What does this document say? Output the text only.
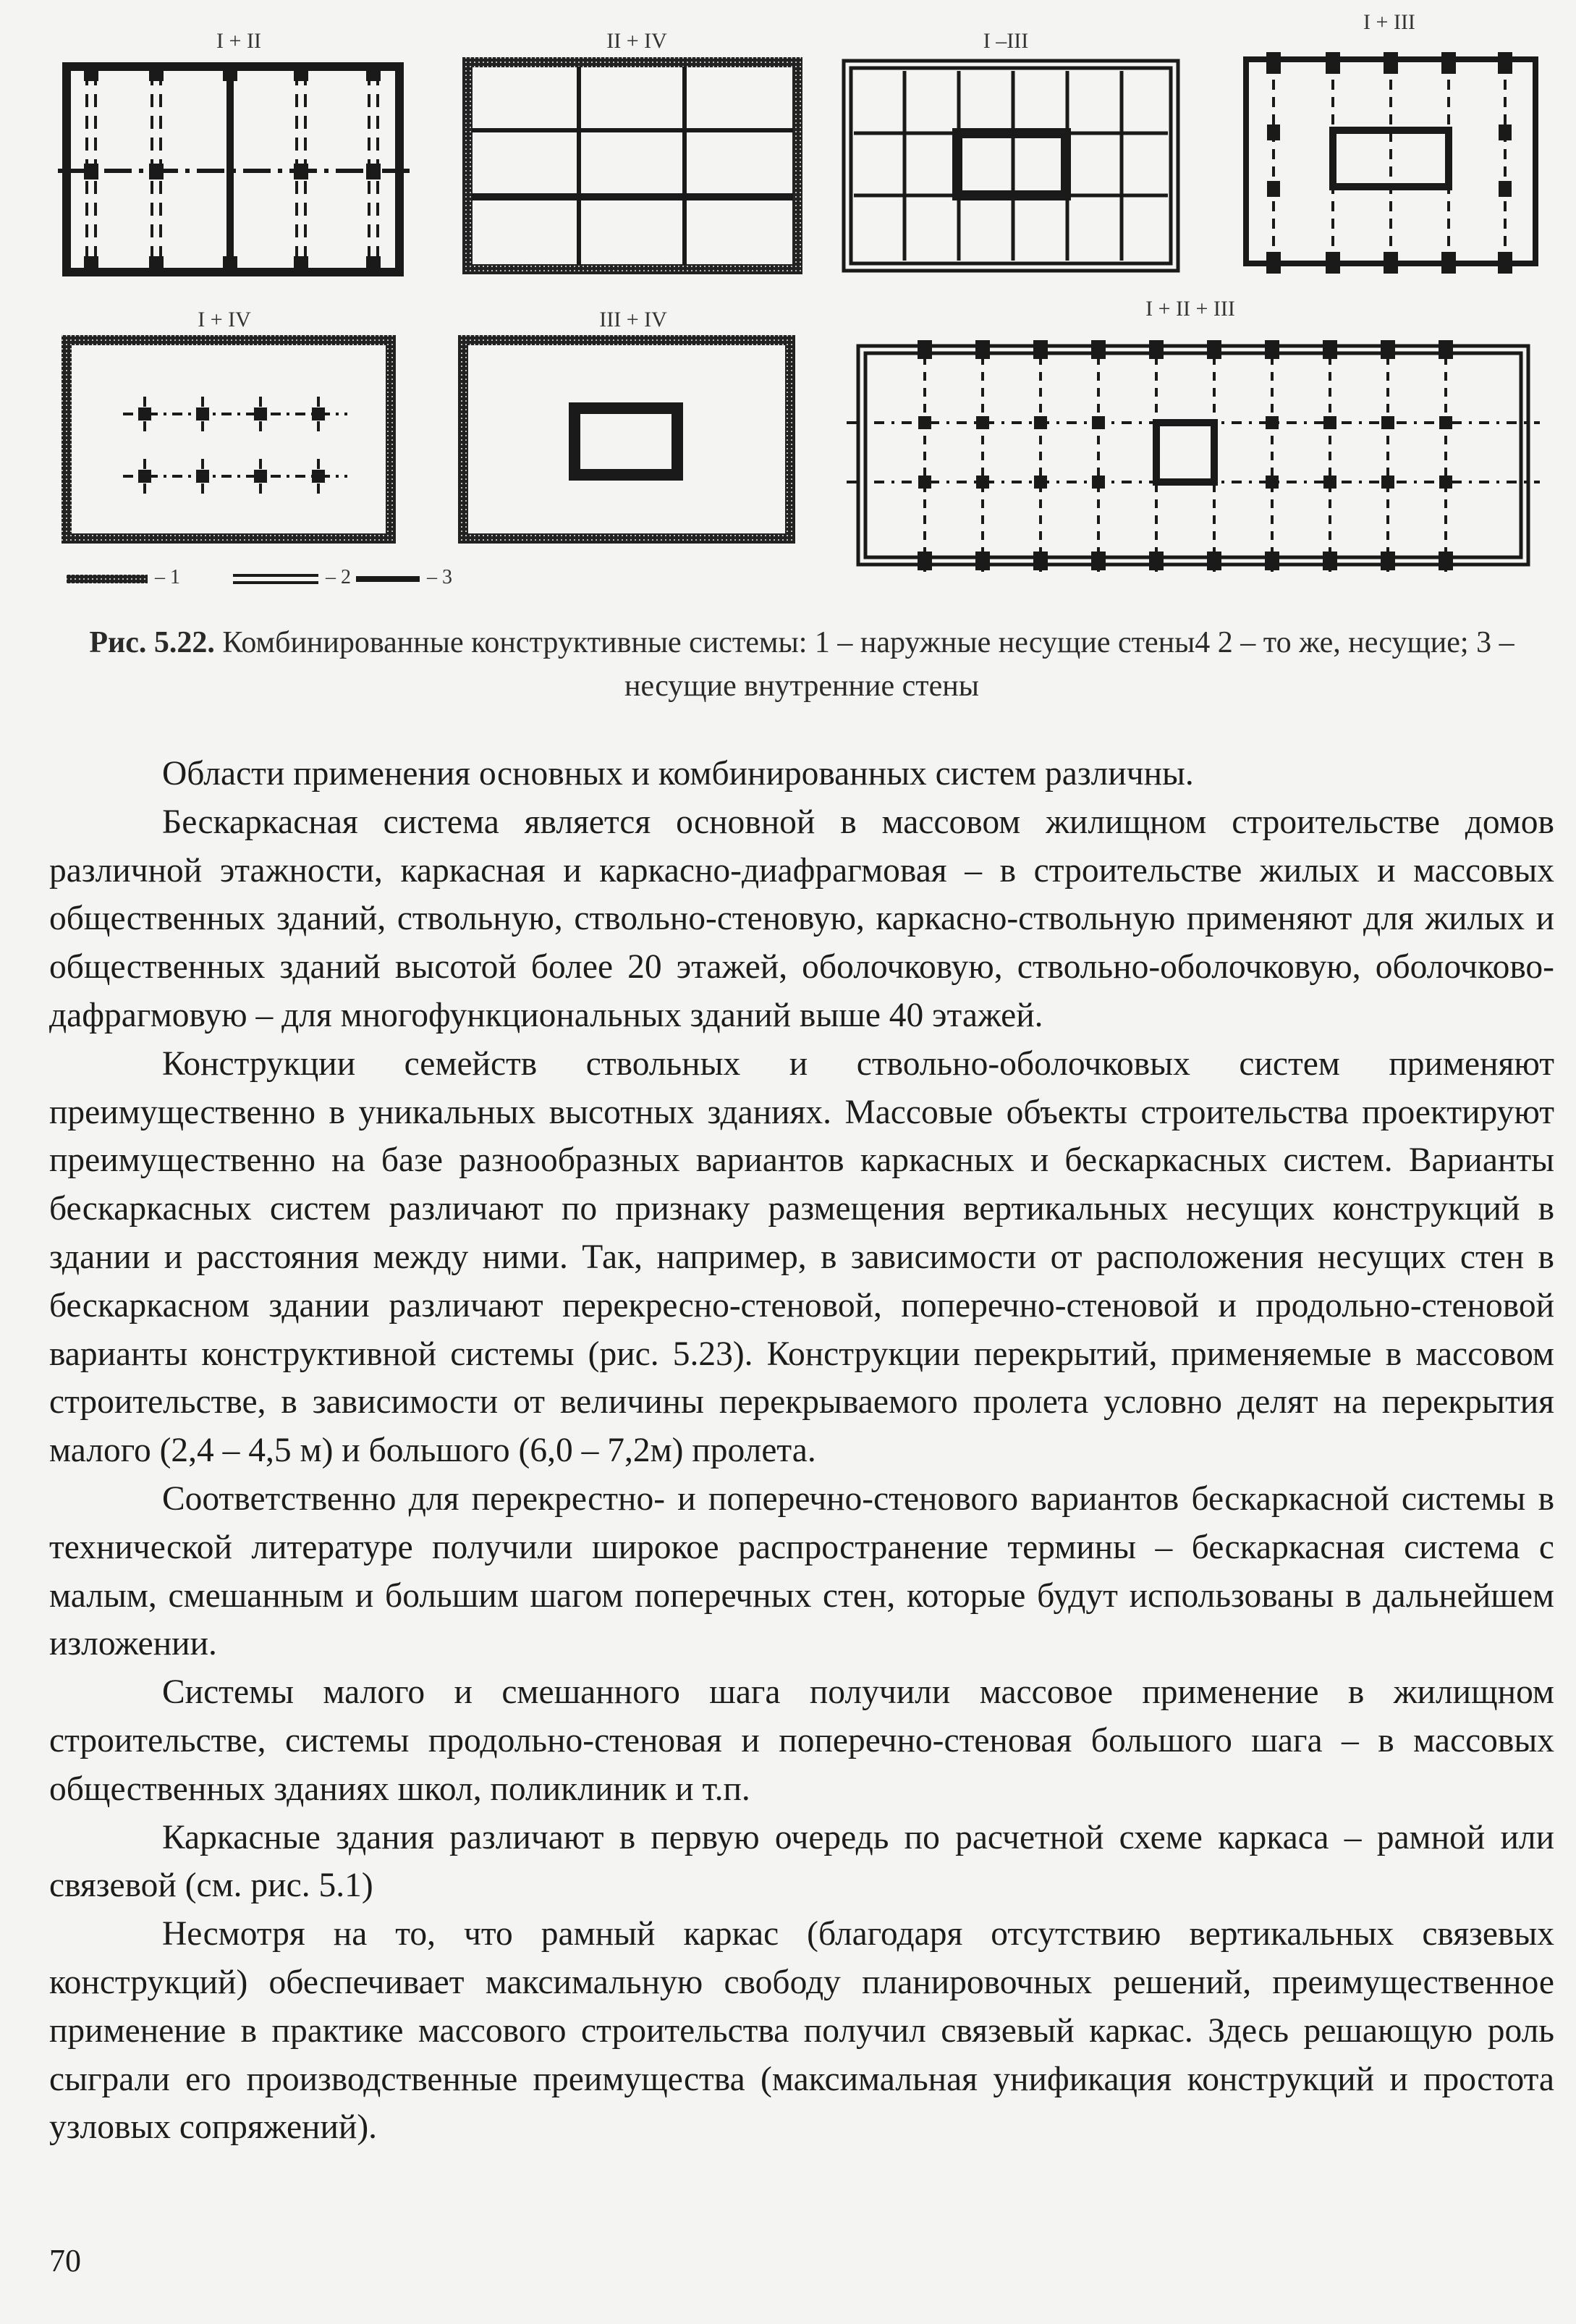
I + II	II + IV	I –III
I + III
I + IV	III + IV	I + II + III
– 1	– 2	– 3
Рис. 5.22. Комбинированные конструктивные системы: 1 – наружные несущие стены4 2 – то же, несущие; 3 – несущие внутренние стены

Области применения основных и комбинированных систем различны.

Бескаркасная система является основной в массовом жилищном строительстве домов различной этажности, каркасная и каркасно-диафрагмовая – в строительстве жилых и массовых общественных зданий, ствольную, ствольно-стеновую, каркасно-ствольную применяют для жилых и общественных зданий высотой более 20 этажей, оболочковую, ствольно-оболочковую, оболочково-дафрагмовую – для многофункциональных зданий выше 40 этажей.

Конструкции семейств ствольных и ствольно-оболочковых систем применяют преимущественно в уникальных высотных зданиях. Массовые объекты строительства проектируют преимущественно на базе разнообразных вариантов каркасных и бескаркасных систем. Варианты бескаркасных систем различают по признаку размещения вертикальных несущих конструкций в здании и расстояния между ними. Так, например, в зависимости от расположения несущих стен в бескаркасном здании различают перекресно-стеновой, поперечно-стеновой и продольно-стеновой варианты конструктивной системы (рис. 5.23). Конструкции перекрытий, применяемые в массовом строительстве, в зависимости от величины перекрываемого пролета условно делят на перекрытия малого (2,4 – 4,5 м) и большого (6,0 – 7,2м) пролета.

Соответственно для перекрестно- и поперечно-стенового вариантов бескаркасной системы в технической литературе получили широкое распространение термины – бескаркасная система с малым, смешанным и большим шагом поперечных стен, которые будут использованы в дальнейшем изложении.

Системы малого и смешанного шага получили массовое применение в жилищном строительстве, системы продольно-стеновая и поперечно-стеновая большого шага – в массовых общественных зданиях школ, поликлиник и т.п.

Каркасные здания различают в первую очередь по расчетной схеме каркаса – рамной или связевой (см. рис. 5.1)

Несмотря на то, что рамный каркас (благодаря отсутствию вертикальных связевых конструкций) обеспечивает максимальную свободу планировочных решений, преимущественное применение в практике массового строительства получил связевый каркас. Здесь решающую роль сыграли его производственные преимущества (максимальная унификация конструкций и простота узловых сопряжений).

70
